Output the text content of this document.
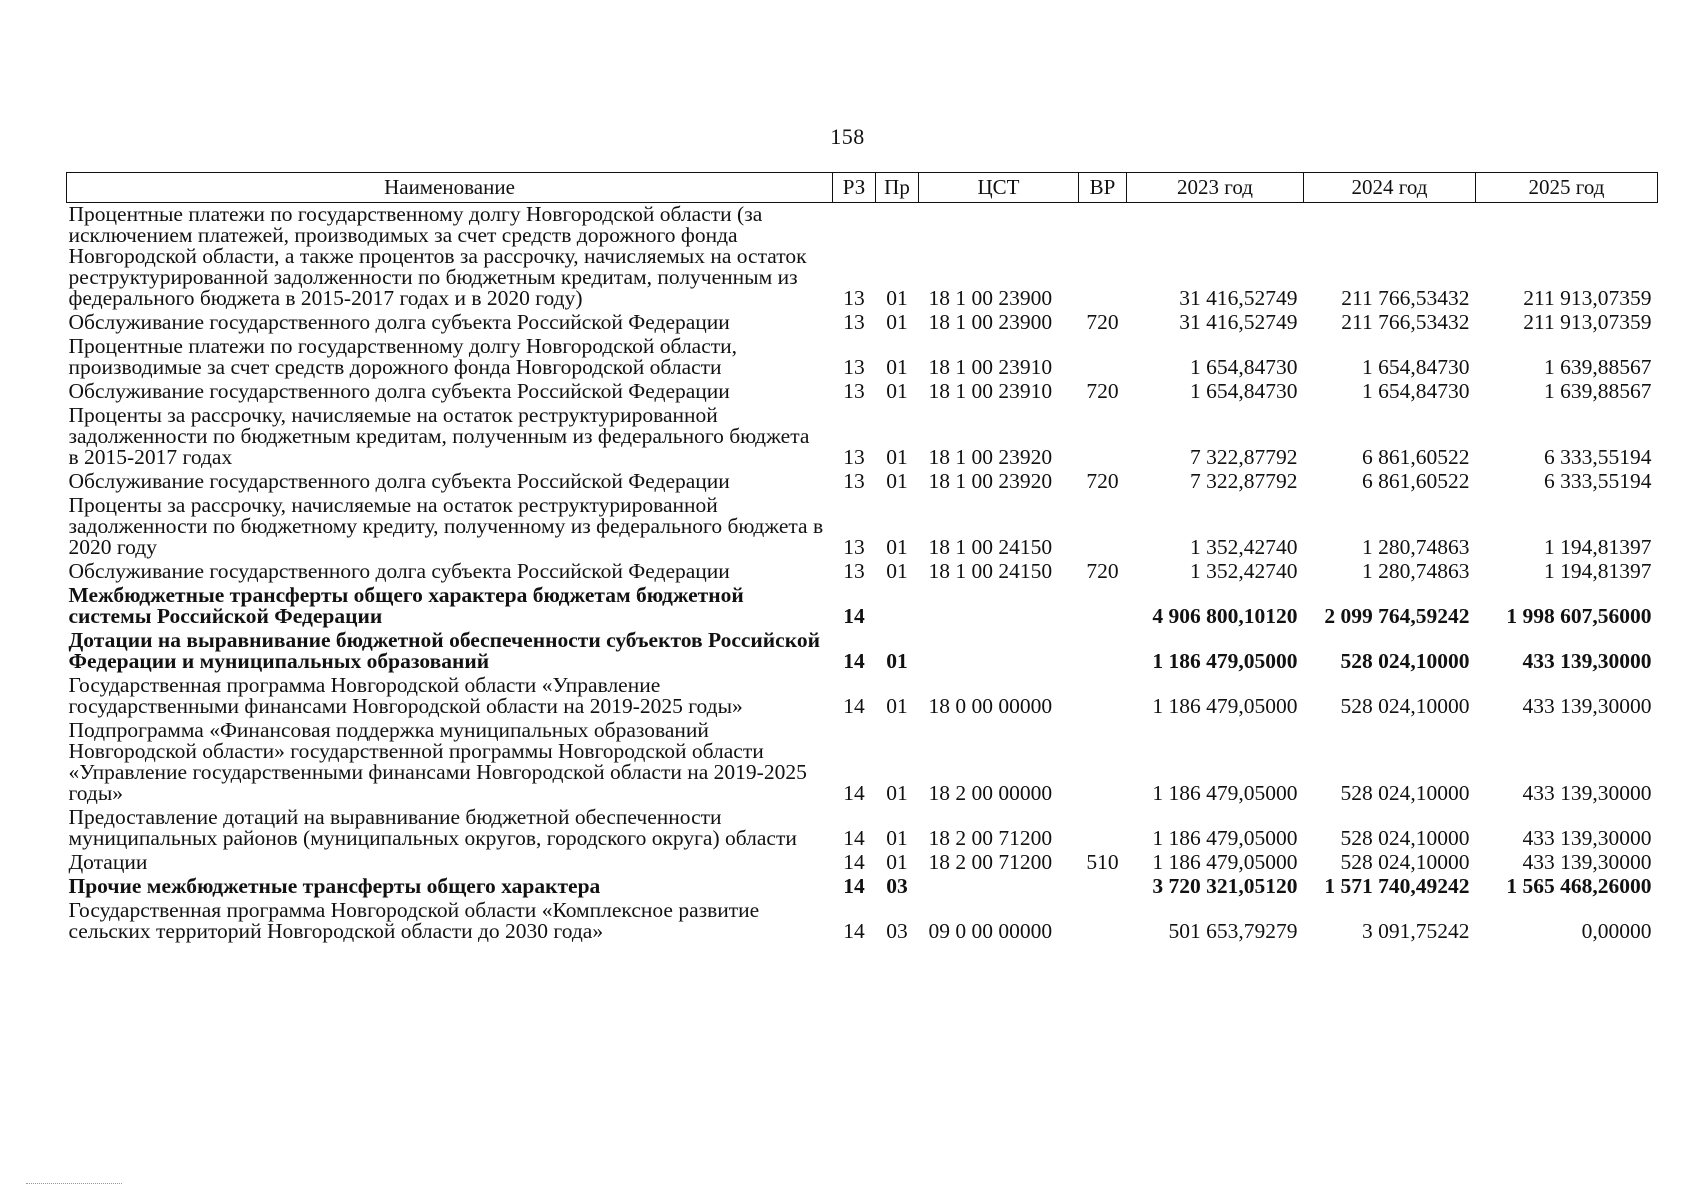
158
Наименование	РЗ	Пр	ЦСТ	ВР	2023 год	2024 год	2025 год
Процентные платежи по государственному долгу Новгородской области (за исключением платежей, производимых за счет средств дорожного фонда Новгородской области, а также процентов за рассрочку, начисляемых на остаток реструктурированной задолженности по бюджетным кредитам, полученным из федерального бюджета в 2015-2017 годах и в 2020 году)	13	01	18 1 00 23900		31 416,52749	211 766,53432	211 913,07359
Обслуживание государственного долга субъекта Российской Федерации	13	01	18 1 00 23900	720	31 416,52749	211 766,53432	211 913,07359
Процентные платежи по государственному долгу Новгородской области, производимые за счет средств дорожного фонда Новгородской области	13	01	18 1 00 23910		1 654,84730	1 654,84730	1 639,88567
Обслуживание государственного долга субъекта Российской Федерации	13	01	18 1 00 23910	720	1 654,84730	1 654,84730	1 639,88567
Проценты за рассрочку, начисляемые на остаток реструктурированной задолженности по бюджетным кредитам, полученным из федерального бюджета в 2015-2017 годах	13	01	18 1 00 23920		7 322,87792	6 861,60522	6 333,55194
Обслуживание государственного долга субъекта Российской Федерации	13	01	18 1 00 23920	720	7 322,87792	6 861,60522	6 333,55194
Проценты за рассрочку, начисляемые на остаток реструктурированной задолженности по бюджетному кредиту, полученному из федерального бюджета в 2020 году	13	01	18 1 00 24150		1 352,42740	1 280,74863	1 194,81397
Обслуживание государственного долга субъекта Российской Федерации	13	01	18 1 00 24150	720	1 352,42740	1 280,74863	1 194,81397
Межбюджетные трансферты общего характера бюджетам бюджетной системы Российской Федерации	14				4 906 800,10120	2 099 764,59242	1 998 607,56000
Дотации на выравнивание бюджетной обеспеченности субъектов Российской Федерации и муниципальных образований	14	01			1 186 479,05000	528 024,10000	433 139,30000
Государственная программа Новгородской области «Управление государственными финансами Новгородской области на 2019-2025 годы»	14	01	18 0 00 00000		1 186 479,05000	528 024,10000	433 139,30000
Подпрограмма «Финансовая поддержка муниципальных образований Новгородской области» государственной программы Новгородской области «Управление государственными финансами Новгородской области на 2019-2025 годы»	14	01	18 2 00 00000		1 186 479,05000	528 024,10000	433 139,30000
Предоставление дотаций на выравнивание бюджетной обеспеченности муниципальных районов (муниципальных округов, городского округа) области	14	01	18 2 00 71200		1 186 479,05000	528 024,10000	433 139,30000
Дотации	14	01	18 2 00 71200	510	1 186 479,05000	528 024,10000	433 139,30000
Прочие межбюджетные трансферты общего характера	14	03			3 720 321,05120	1 571 740,49242	1 565 468,26000
Государственная программа Новгородской области «Комплексное развитие сельских территорий Новгородской области до 2030 года»	14	03	09 0 00 00000		501 653,79279	3 091,75242	0,00000
